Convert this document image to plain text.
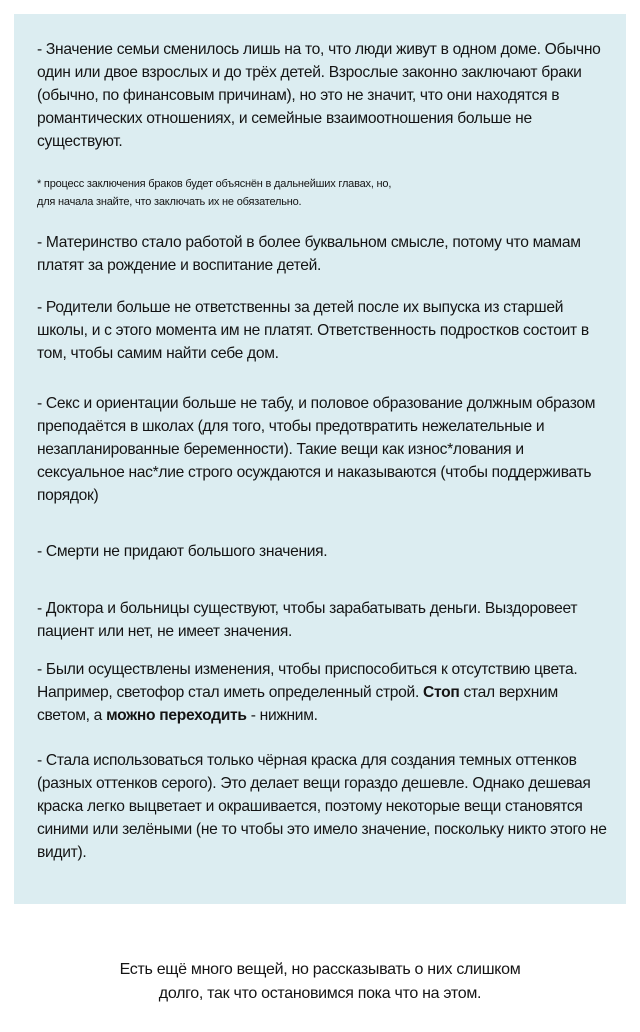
- Значение семьи сменилось лишь на то, что люди живут в одном доме. Обычно один или двое взрослых и до трёх детей. Взрослые законно заключают браки (обычно, по финансовым причинам), но это не значит, что они находятся в романтических отношениях, и семейные взаимоотношения больше не существуют.

* процесс заключения браков будет объяснён в дальнейших главах, но,

для начала знайте, что заключать их не обязательно.

- Материнство стало работой в более буквальном смысле, потому что мамам платят за рождение и воспитание детей.

- Родители больше не ответственны за детей после их выпуска из старшей школы, и с этого момента им не платят. Ответственность подростков состоит в том, чтобы самим найти себе дом.

- Секс и ориентации больше не табу, и половое образование должным образом преподаётся в школах (для того, чтобы предотвратить нежелательные и незапланированные беременности). Такие вещи как износ*лования и сексуальное нас*лие строго осуждаются и наказываются (чтобы поддерживать порядок)

- Смерти не придают большого значения.

- Доктора и больницы существуют, чтобы зарабатывать деньги. Выздоровеет пациент или нет, не имеет значения.

- Были осуществлены изменения, чтобы приспособиться к отсутствию цвета. Например, светофор стал иметь определенный строй. Стоп стал верхним светом, а можно переходить - нижним.

- Стала использоваться только чёрная краска для создания темных оттенков (разных оттенков серого). Это делает вещи гораздо дешевле. Однако дешевая краска легко выцветает и окрашивается, поэтому некоторые вещи становятся синими или зелёными (не то чтобы это имело значение, поскольку никто этого не видит).

Есть ещё много вещей, но рассказывать о них слишком
долго, так что остановимся пока что на этом.
